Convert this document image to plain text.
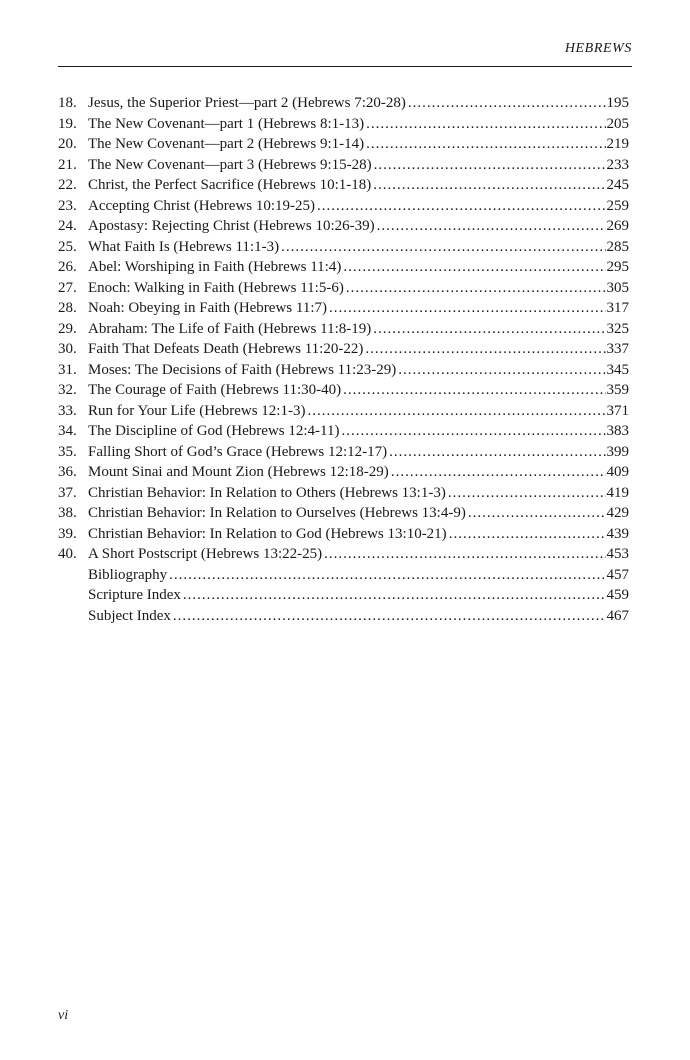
HEBREWS
18. Jesus, the Superior Priest—part 2 (Hebrews 7:20-28) .....	195
19. The New Covenant—part 1 (Hebrews 8:1-13) .....	205
20. The New Covenant—part 2 (Hebrews 9:1-14) .....	219
21. The New Covenant—part 3 (Hebrews 9:15-28) .....	233
22. Christ, the Perfect Sacrifice (Hebrews 10:1-18) .....	245
23. Accepting Christ (Hebrews 10:19-25) .....	259
24. Apostasy: Rejecting Christ (Hebrews 10:26-39) .....	269
25. What Faith Is (Hebrews 11:1-3) .....	285
26. Abel: Worshiping in Faith (Hebrews 11:4) .....	295
27. Enoch: Walking in Faith (Hebrews 11:5-6) .....	305
28. Noah: Obeying in Faith (Hebrews 11:7) .....	317
29. Abraham: The Life of Faith (Hebrews 11:8-19) .....	325
30. Faith That Defeats Death (Hebrews 11:20-22) .....	337
31. Moses: The Decisions of Faith (Hebrews 11:23-29) .....	345
32. The Courage of Faith (Hebrews 11:30-40) .....	359
33. Run for Your Life (Hebrews 12:1-3) .....	371
34. The Discipline of God (Hebrews 12:4-11) .....	383
35. Falling Short of God’s Grace (Hebrews 12:12-17) .....	399
36. Mount Sinai and Mount Zion (Hebrews 12:18-29) .....	409
37. Christian Behavior: In Relation to Others (Hebrews 13:1-3) .....	419
38. Christian Behavior: In Relation to Ourselves (Hebrews 13:4-9) .....	429
39. Christian Behavior: In Relation to God (Hebrews 13:10-21) .....	439
40. A Short Postscript (Hebrews 13:22-25) .....	453
Bibliography .....	457
Scripture Index .....	459
Subject Index .....	467
vi
